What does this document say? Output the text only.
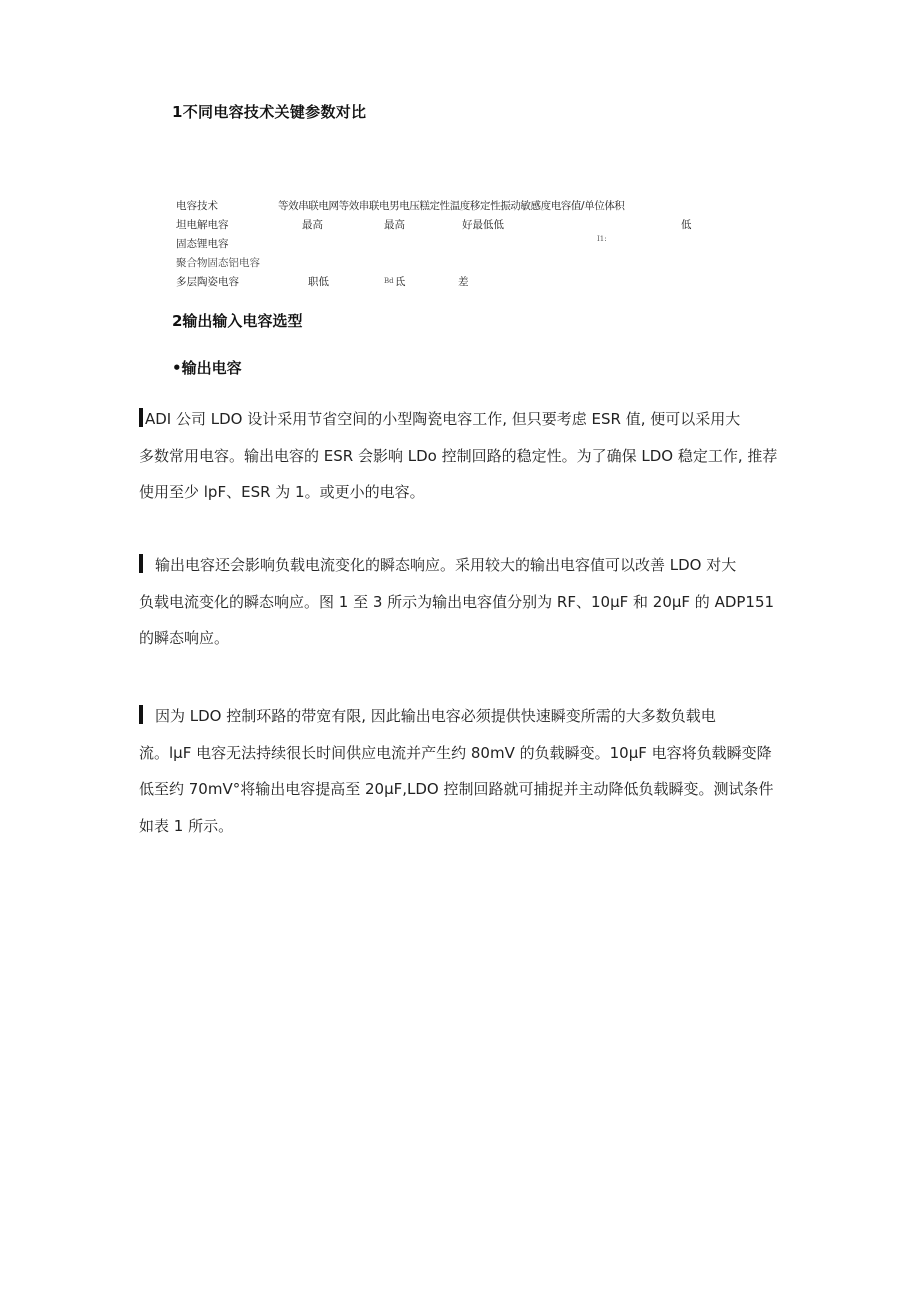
1不同电容技术关键参数对比
电容技术	等效串联电网等效串联电男电压糕定性温度移定性振动敏感度电容值/单位体积
坦电解电容	最高	最高	好最低低	低
固态锂电容	I1:
聚合物固态铝电容
多层陶姿电容	职低	Bd 氐	差
2输出输入电容选型
•输出电容
ADI 公司 LDO 设计采用节省空间的小型陶瓷电容工作, 但只要考虑 ESR 值, 便可以采用大
多数常用电容。输出电容的 ESR 会影响 LDo 控制回路的稳定性。为了确保 LDO 稳定工作, 推荐
使用至少 lpF、ESR 为 1。或更小的电容。
输出电容还会影响负载电流变化的瞬态响应。采用较大的输出电容值可以改善 LDO 对大
负载电流变化的瞬态响应。图 1 至 3 所示为输出电容值分别为 RF、10μF 和 20μF 的 ADP151
的瞬态响应。
因为 LDO 控制环路的带宽有限, 因此输出电容必须提供快速瞬变所需的大多数负载电
流。lμF 电容无法持续很长时间供应电流并产生约 80mV 的负载瞬变。10μF 电容将负载瞬变降
低至约 70mV°将输出电容提高至 20μF,LDO 控制回路就可捕捉并主动降低负载瞬变。测试条件
如表 1 所示。
